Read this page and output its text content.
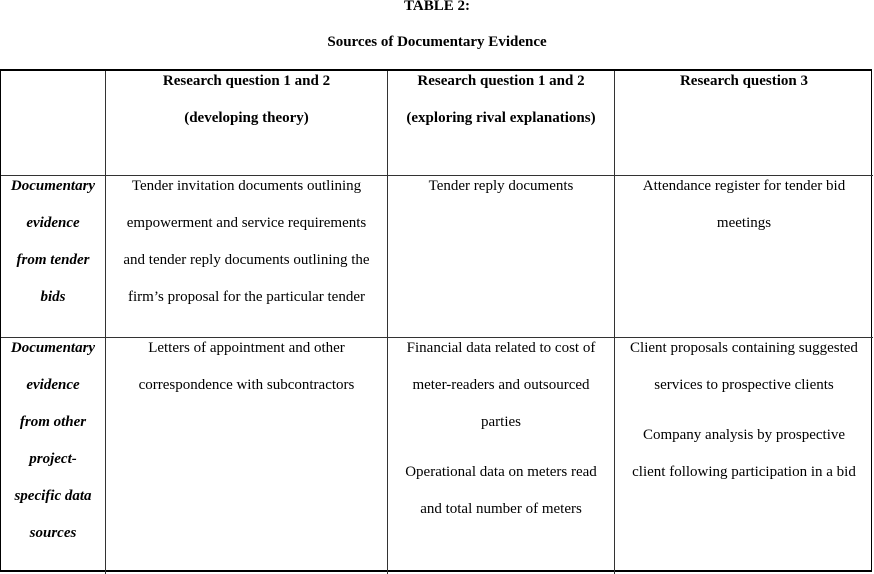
TABLE 2:
Sources of Documentary Evidence
Research question 1 and 2
(developing theory)
Research question 1 and 2
(exploring rival explanations)
Research question 3
Documentary
evidence
from tender
bids
Tender invitation documents outlining
empowerment and service requirements
and tender reply documents outlining the
firm’s proposal for the particular tender
Tender reply documents	Attendance register for tender bid
meetings
Documentary
evidence
from other
project-
specific data
sources
Letters of appointment and other
correspondence with subcontractors
Financial data related to cost of
meter-readers and outsourced
parties
Operational data on meters read
and total number of meters
Client proposals containing suggested
services to prospective clients
Company analysis by prospective
client following participation in a bid
